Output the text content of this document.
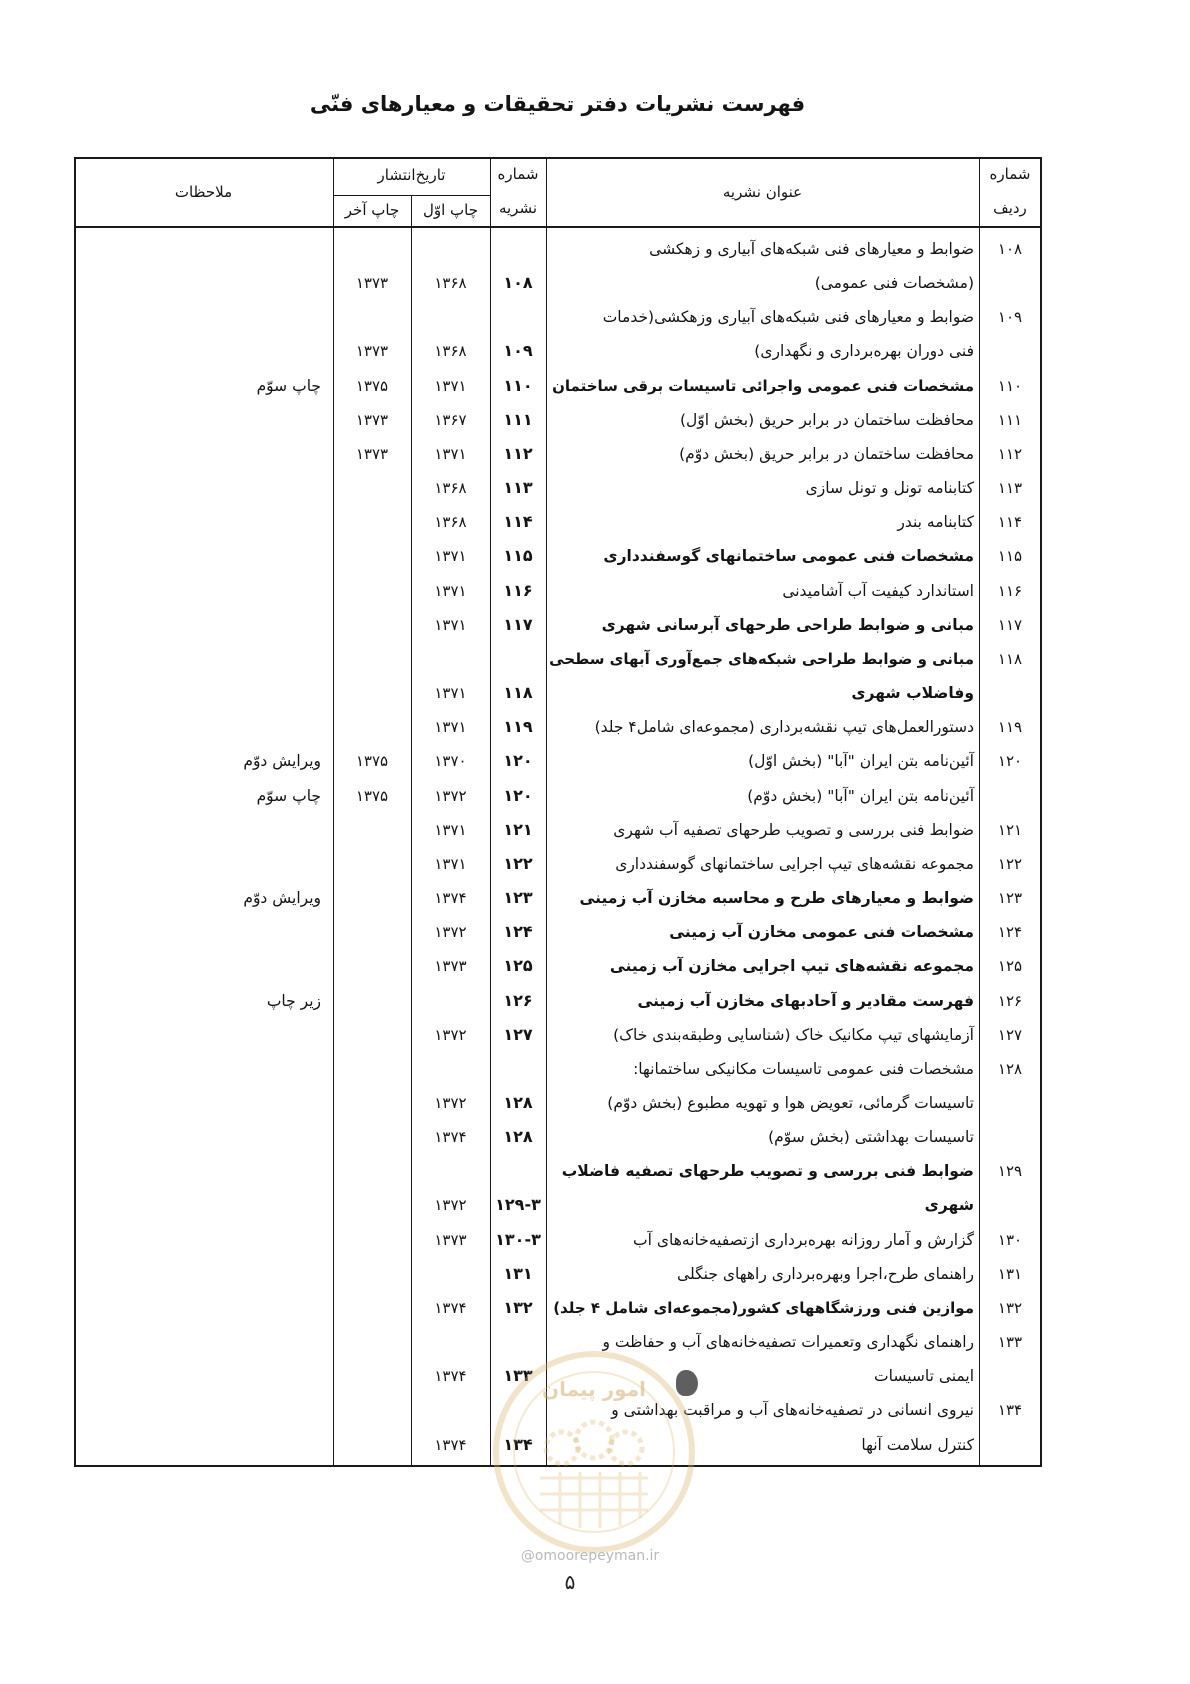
فهرست نشریات دفتر تحقیقات و معیارهای فنّی
شماره
ردیف
عنوان نشریه
شماره
نشریه
تاریخ‌انتشار
چاپ اوّل
چاپ آخر
ملاحظات
۱۰۸
ضوابط و معیارهای فنی شبکه‌های آبیاری و زهکشی
(مشخصات فنی عمومی)
۱۰۸
۱۳۶۸
۱۳۷۳
۱۰۹
ضوابط و معیارهای فنی شبکه‌های آبیاری وزهکشی(خدمات
فنی دوران بهره‌برداری و نگهداری)
۱۰۹
۱۳۶۸
۱۳۷۳
۱۱۰
مشخصات فنی عمومی واجرائی تاسیسات برقی ساختمان
۱۱۰
۱۳۷۱
۱۳۷۵
چاپ سوّم
۱۱۱
محافظت ساختمان در برابر حریق (بخش اوّل)
۱۱۱
۱۳۶۷
۱۳۷۳
۱۱۲
محافظت ساختمان در برابر حریق (بخش دوّم)
۱۱۲
۱۳۷۱
۱۳۷۳
۱۱۳
کتابنامه تونل و تونل سازی
۱۱۳
۱۳۶۸
۱۱۴
کتابنامه بندر
۱۱۴
۱۳۶۸
۱۱۵
مشخصات فنی عمومی ساختمانهای گوسفندداری
۱۱۵
۱۳۷۱
۱۱۶
استاندارد کیفیت آب آشامیدنی
۱۱۶
۱۳۷۱
۱۱۷
مبانی و ضوابط طراحی طرحهای آبرسانی شهری
۱۱۷
۱۳۷۱
۱۱۸
مبانی و ضوابط طراحی شبکه‌های جمع‌آوری آبهای سطحی
وفاضلاب شهری
۱۱۸
۱۳۷۱
۱۱۹
دستورالعمل‌های تیپ نقشه‌برداری (مجموعه‌ای شامل۴ جلد)
۱۱۹
۱۳۷۱
۱۲۰
آئین‌نامه بتن ایران "آبا" (بخش اوّل)
۱۲۰
۱۳۷۰
۱۳۷۵
ویرایش دوّم
آئین‌نامه بتن ایران "آبا" (بخش دوّم)
۱۲۰
۱۳۷۲
۱۳۷۵
چاپ سوّم
۱۲۱
ضوابط فنی بررسی و تصویب طرحهای تصفیه آب شهری
۱۲۱
۱۳۷۱
۱۲۲
مجموعه نقشه‌های تیپ اجرایی ساختمانهای گوسفندداری
۱۲۲
۱۳۷۱
۱۲۳
ضوابط و معیارهای طرح و محاسبه مخازن آب زمینی
۱۲۳
۱۳۷۴
ویرایش دوّم
۱۲۴
مشخصات فنی عمومی مخازن آب زمینی
۱۲۴
۱۳۷۲
۱۲۵
مجموعه نقشه‌های تیپ اجرایی مخازن آب زمینی
۱۲۵
۱۳۷۳
۱۲۶
فهرست مقادیر و آحادبهای مخازن آب زمینی
۱۲۶
زیر چاپ
۱۲۷
آزمایشهای تیپ مکانیک خاک (شناسایی وطبقه‌بندی خاک)
۱۲۷
۱۳۷۲
۱۲۸
مشخصات فنی عمومی تاسیسات مکانیکی ساختمانها:
تاسیسات گرمائی، تعویض هوا و تهویه مطبوع (بخش دوّم)
۱۲۸
۱۳۷۲
تاسیسات بهداشتی (بخش سوّم)
۱۲۸
۱۳۷۴
۱۲۹
ضوابط فنی بررسی و تصویب طرحهای تصفیه فاضلاب
شهری
۱۲۹-۳
۱۳۷۲
۱۳۰
گزارش و آمار روزانه بهره‌برداری ازتصفیه‌خانه‌های آب
۱۳۰-۳
۱۳۷۳
۱۳۱
راهنمای طرح،اجرا وبهره‌برداری راههای جنگلی
۱۳۱
۱۳۲
موازین فنی ورزشگاههای کشور(مجموعه‌ای شامل ۴ جلد)
۱۳۲
۱۳۷۴
۱۳۳
راهنمای نگهداری وتعمیرات تصفیه‌خانه‌های آب و حفاظت و
ایمنی تاسیسات
۱۳۳
۱۳۷۴
۱۳۴
نیروی انسانی در تصفیه‌خانه‌های آب و مراقبت بهداشتی و
کنترل سلامت آنها
۱۳۴
۱۳۷۴
امور پیمان
@omoorepeyman.ir
۵
